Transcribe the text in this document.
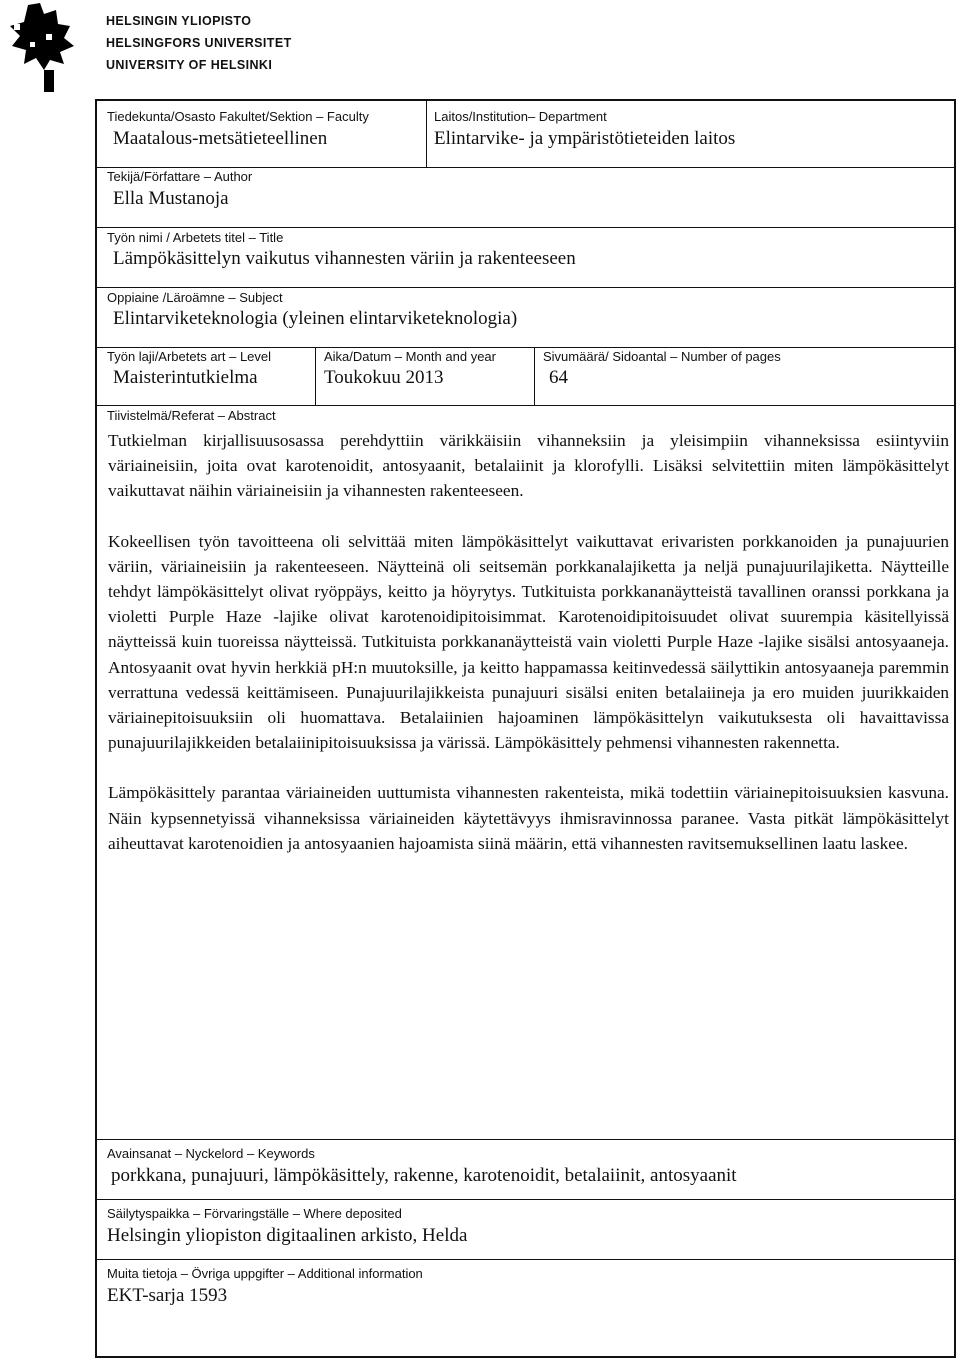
HELSINGIN YLIOPISTO
HELSINGFORS UNIVERSITET
UNIVERSITY OF HELSINKI
Tiedekunta/Osasto Fakultet/Sektion – Faculty
Maatalous-metsätieteellinen
Laitos/Institution– Department
Elintarvike- ja ympäristötieteiden laitos
Tekijä/Författare – Author
Ella Mustanoja
Työn nimi / Arbetets titel – Title
Lämpökäsittelyn vaikutus vihannesten väriin ja rakenteeseen
Oppiaine /Läroämne – Subject
Elintarviketeknologia (yleinen elintarviketeknologia)
Työn laji/Arbetets art – Level
Maisterintutkielma
Aika/Datum – Month and year
Toukokuu 2013
Sivumäärä/ Sidoantal – Number of pages
64
Tiivistelmä/Referat – Abstract

Tutkielman kirjallisuusosassa perehdyttiin värikkäisiin vihanneksiin ja yleisimpiin vihanneksissa esiintyviin väriaineisiin, joita ovat karotenoidit, antosyaanit, betalaiinit ja klorofylli. Lisäksi selvitettiin miten lämpökäsittelyt vaikuttavat näihin väriaineisiin ja vihannesten rakenteeseen.

Kokeellisen työn tavoitteena oli selvittää miten lämpökäsittelyt vaikuttavat erivaristen porkkanoiden ja punajuurien väriin, väriaineisiin ja rakenteeseen. Näytteinä oli seitsemän porkkanalajiketta ja neljä punajuurilajiketta. Näytteille tehdyt lämpökäsittelyt olivat ryöppäys, keitto ja höyrytys. Tutkituista porkkananäytteistä tavallinen oranssi porkkana ja violetti Purple Haze -lajike olivat karotenoidipitoisimmat. Karotenoidipitoisuudet olivat suurempia käsitellyissä näytteissä kuin tuoreissa näytteissä. Tutkituista porkkananäytteistä vain violetti Purple Haze -lajike sisälsi antosyaaneja. Antosyaanit ovat hyvin herkkiä pH:n muutoksille, ja keitto happamassa keitinvedessä säilyttikin antosyaaneja paremmin verrattuna vedessä keittämiseen. Punajuurilajikkeista punajuuri sisälsi eniten betalaiineja ja ero muiden juurikkaiden väriainepitoisuuksiin oli huomattava. Betalaiinien hajoaminen lämpökäsittelyn vaikutuksesta oli havaittavissa punajuurilajikkeiden betalaiinipitoisuuksissa ja värissä. Lämpökäsittely pehmensi vihannesten rakennetta.

Lämpökäsittely parantaa väriaineiden uuttumista vihannesten rakenteista, mikä todettiin väriainepitoisuuksien kasvuna. Näin kypsennetyissä vihanneksissa väriaineiden käytettävyys ihmisravinnossa paranee. Vasta pitkät lämpökäsittelyt aiheuttavat karotenoidien ja antosyaanien hajoamista siinä määrin, että vihannesten ravitsemuksellinen laatu laskee.

Avainsanat – Nyckelord – Keywords
porkkana, punajuuri, lämpökäsittely, rakenne, karotenoidit, betalaiinit, antosyaanit
Säilytyspaikka – Förvaringställe – Where deposited
Helsingin yliopiston digitaalinen arkisto, Helda
Muita tietoja – Övriga uppgifter – Additional information
EKT-sarja 1593
